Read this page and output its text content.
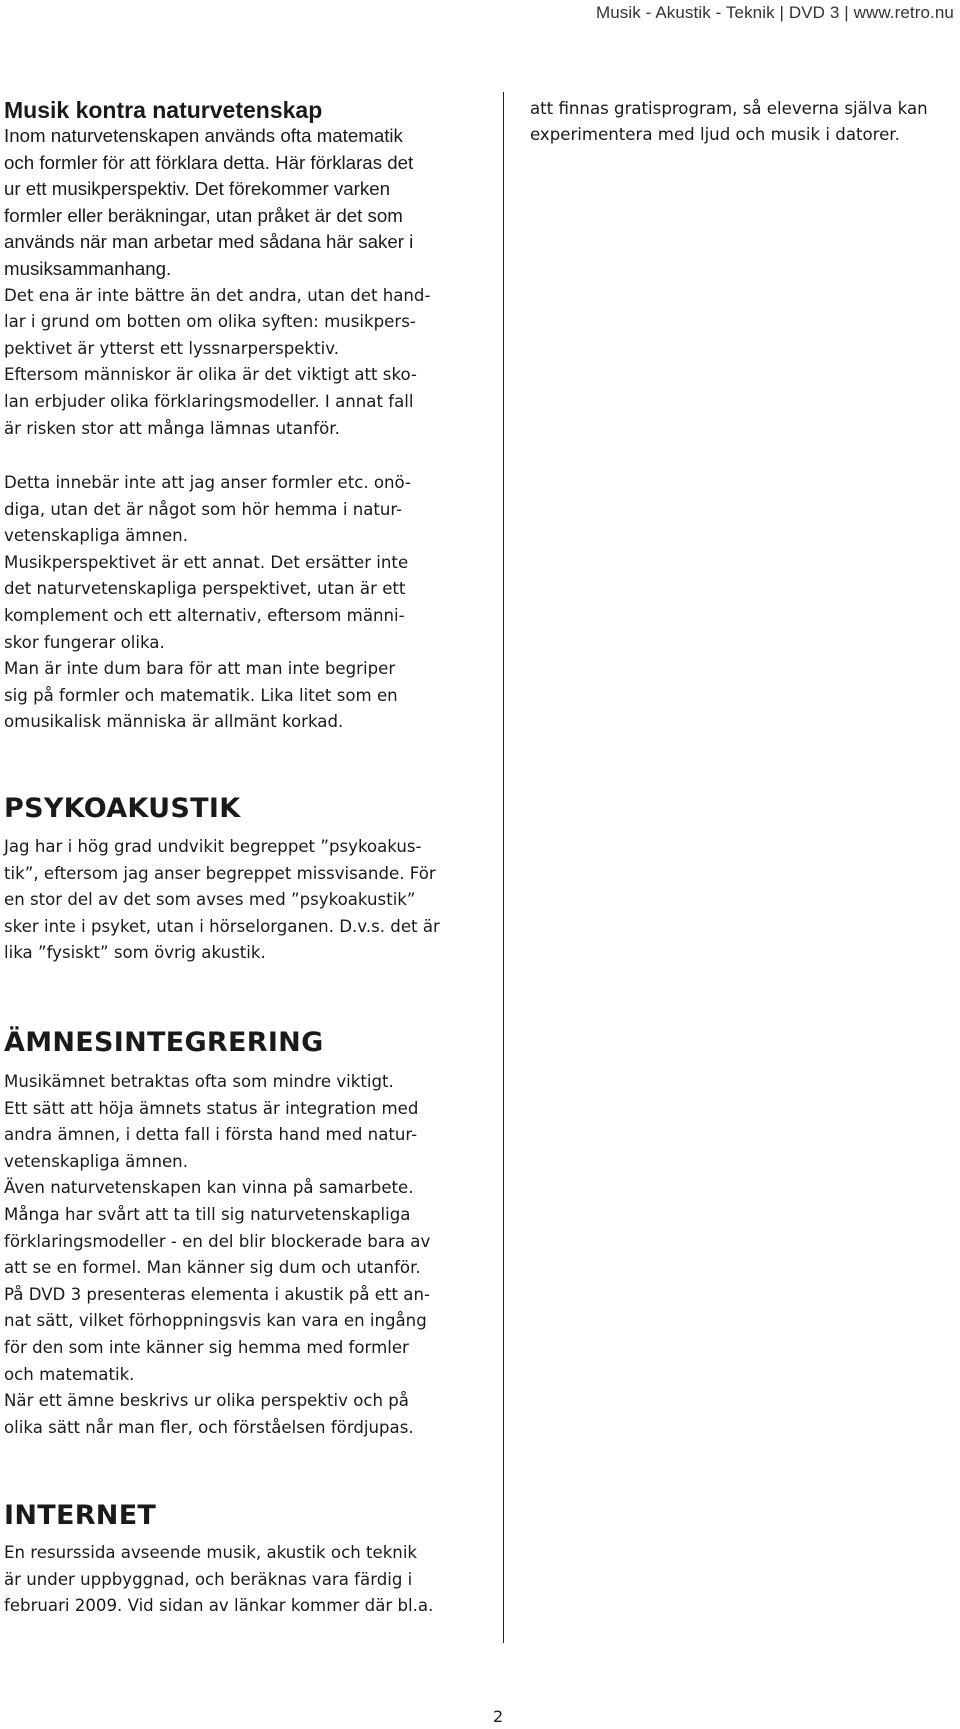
Musik - Akustik - Teknik | DVD 3 | www.retro.nu
Musik kontra naturvetenskap

Inom naturvetenskapen används ofta matematik
och formler för att förklara detta. Här förklaras det
ur ett musikperspektiv. Det förekommer varken
formler eller beräkningar, utan pråket är det som
används när man arbetar med sådana här saker i
musiksammanhang.

Det ena är inte bättre än det andra, utan det hand-
lar i grund om botten om olika syften: musikpers-
pektivet är ytterst ett lyssnarperspektiv.
Eftersom människor är olika är det viktigt att sko-
lan erbjuder olika förklaringsmodeller. I annat fall
är risken stor att många lämnas utanför.

Detta innebär inte att jag anser formler etc. onö-
diga, utan det är något som hör hemma i natur-
vetenskapliga ämnen.
Musikperspektivet är ett annat. Det ersätter inte
det naturvetenskapliga perspektivet, utan är ett
komplement och ett alternativ, eftersom männi-
skor fungerar olika.
Man är inte dum bara för att man inte begriper
sig på formler och matematik. Lika litet som en
omusikalisk människa är allmänt korkad.

PSYKOAKUSTIK

Jag har i hög grad undvikit begreppet ”psykoakus-
tik”, eftersom jag anser begreppet missvisande. För
en stor del av det som avses med ”psykoakustik”
sker inte i psyket, utan i hörselorganen. D.v.s. det är
lika ”fysiskt” som övrig akustik.

ÄMNESINTEGRERING

Musikämnet betraktas ofta som mindre viktigt.
Ett sätt att höja ämnets status är integration med
andra ämnen, i detta fall i första hand med natur-
vetenskapliga ämnen.
Även naturvetenskapen kan vinna på samarbete.
Många har svårt att ta till sig naturvetenskapliga
förklaringsmodeller - en del blir blockerade bara av
att se en formel. Man känner sig dum och utanför.
På DVD 3 presenteras elementa i akustik på ett an-
nat sätt, vilket förhoppningsvis kan vara en ingång
för den som inte känner sig hemma med formler
och matematik.
När ett ämne beskrivs ur olika perspektiv och på
olika sätt når man fler, och förståelsen fördjupas.

INTERNET

En resurssida avseende musik, akustik och teknik
är under uppbyggnad, och beräknas vara färdig i
februari 2009. Vid sidan av länkar kommer där bl.a.

att finnas gratisprogram, så eleverna själva kan
experimentera med ljud och musik i datorer.

2
